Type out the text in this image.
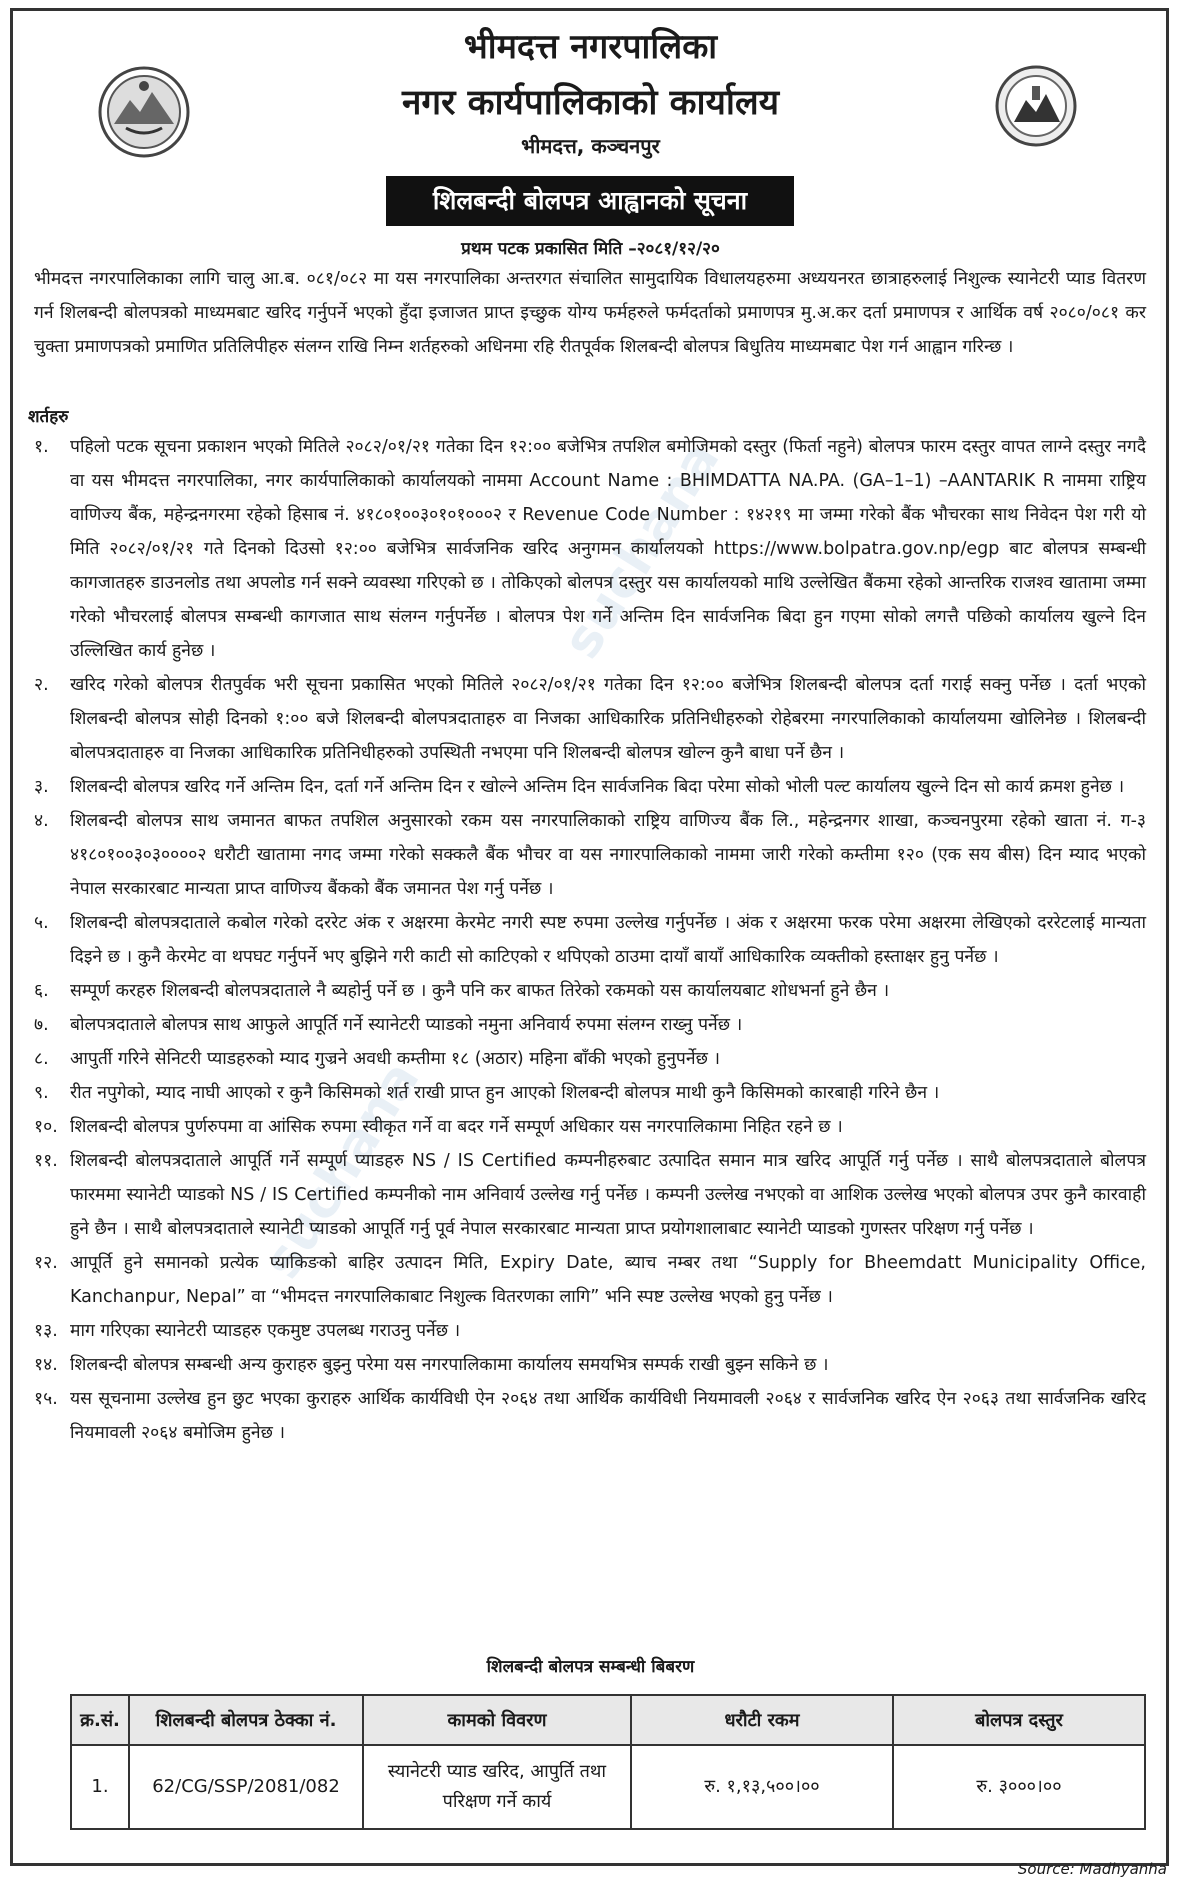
भीमदत्त नगरपालिका
नगर कार्यपालिकाको कार्यालय
भीमदत्त, कञ्चनपुर
शिलबन्दी बोलपत्र आह्वानको सूचना
प्रथम पटक प्रकासित मिति –२०८१/१२/२०
suchana
suchana
भीमदत्त नगरपालिकाका लागि चालु आ.ब. ०८१/०८२ मा यस नगरपालिका अन्तरगत संचालित सामुदायिक विधालयहरुमा अध्ययनरत छात्राहरुलाई निशुल्क स्यानेटरी प्याड वितरण गर्न शिलबन्दी बोलपत्रको माध्यमबाट खरिद गर्नुपर्ने भएको हुँदा इजाजत प्राप्त इच्छुक योग्य फर्महरुले फर्मदर्ताको प्रमाणपत्र मु.अ.कर दर्ता प्रमाणपत्र र आर्थिक वर्ष २०८०/०८१ कर चुक्ता प्रमाणपत्रको प्रमाणित प्रतिलिपीहरु संलग्न राखि निम्न शर्तहरुको अधिनमा रहि रीतपूर्वक शिलबन्दी बोलपत्र बिधुतिय माध्यमबाट पेश गर्न आह्वान गरिन्छ ।
शर्तहरु
१. पहिलो पटक सूचना प्रकाशन भएको मितिले २०८२/०१/२१ गतेका दिन १२:०० बजेभित्र तपशिल बमोजिमको दस्तुर (फिर्ता नहुने) बोलपत्र फारम दस्तुर वापत लाग्ने दस्तुर नगदै वा यस भीमदत्त नगरपालिका, नगर कार्यपालिकाको कार्यालयको नाममा Account Name : BHIMDATTA NA.PA. (GA–1–1) –AANTARIK R नाममा राष्ट्रिय वाणिज्य बैंक, महेन्द्रनगरमा रहेको हिसाब नं. ४१८०१००३०१०१०००२ र Revenue Code Number : १४२१९ मा जम्मा गरेको बैंक भौचरका साथ निवेदन पेश गरी यो मिति २०८२/०१/२१ गते दिनको दिउसो १२:०० बजेभित्र सार्वजनिक खरिद अनुगमन कार्यालयको https://www.bolpatra.gov.np/egp बाट बोलपत्र सम्बन्धी कागजातहरु डाउनलोड तथा अपलोड गर्न सक्ने व्यवस्था गरिएको छ । तोकिएको बोलपत्र दस्तुर यस कार्यालयको माथि उल्लेखित बैंकमा रहेको आन्तरिक राजश्व खातामा जम्मा गरेको भौचरलाई बोलपत्र सम्बन्धी कागजात साथ संलग्न गर्नुपर्नेछ । बोलपत्र पेश गर्ने अन्तिम दिन सार्वजनिक बिदा हुन गएमा सोको लगत्तै पछिको कार्यालय खुल्ने दिन उल्लिखित कार्य हुनेछ ।
२. खरिद गरेको बोलपत्र रीतपुर्वक भरी सूचना प्रकासित भएको मितिले २०८२/०१/२१ गतेका दिन १२:०० बजेभित्र शिलबन्दी बोलपत्र दर्ता गराई सक्नु पर्नेछ । दर्ता भएको शिलबन्दी बोलपत्र सोही दिनको १:०० बजे शिलबन्दी बोलपत्रदाताहरु वा निजका आधिकारिक प्रतिनिधीहरुको रोहेबरमा नगरपालिकाको कार्यालयमा खोलिनेछ । शिलबन्दी बोलपत्रदाताहरु वा निजका आधिकारिक प्रतिनिधीहरुको उपस्थिती नभएमा पनि शिलबन्दी बोलपत्र खोल्न कुनै बाधा पर्ने छैन ।
३. शिलबन्दी बोलपत्र खरिद गर्ने अन्तिम दिन, दर्ता गर्ने अन्तिम दिन र खोल्ने अन्तिम दिन सार्वजनिक बिदा परेमा सोको भोली पल्ट कार्यालय खुल्ने दिन सो कार्य क्रमश हुनेछ ।
४. शिलबन्दी बोलपत्र साथ जमानत बाफत तपशिल अनुसारको रकम यस नगरपालिकाको राष्ट्रिय वाणिज्य बैंक लि., महेन्द्रनगर शाखा, कञ्चनपुरमा रहेको खाता नं. ग-३ ४१८०१००३०३००००२ धरौटी खातामा नगद जम्मा गरेको सक्कलै बैंक भौचर वा यस नगारपालिकाको नाममा जारी गरेको कम्तीमा १२० (एक सय बीस) दिन म्याद भएको नेपाल सरकारबाट मान्यता प्राप्त वाणिज्य बैंकको बैंक जमानत पेश गर्नु पर्नेछ ।
५. शिलबन्दी बोलपत्रदाताले कबोल गरेको दररेट अंक र अक्षरमा केरमेट नगरी स्पष्ट रुपमा उल्लेख गर्नुपर्नेछ । अंक र अक्षरमा फरक परेमा अक्षरमा लेखिएको दररेटलाई मान्यता दिइने छ । कुनै केरमेट वा थपघट गर्नुपर्ने भए बुझिने गरी काटी सो काटिएको र थपिएको ठाउमा दायाँ बायाँ आधिकारिक व्यक्तीको हस्ताक्षर हुनु पर्नेछ ।
६. सम्पूर्ण करहरु शिलबन्दी बोलपत्रदाताले नै ब्यहोर्नु पर्ने छ । कुनै पनि कर बाफत तिरेको रकमको यस कार्यालयबाट शोधभर्ना हुने छैन ।
७. बोलपत्रदाताले बोलपत्र साथ आफुले आपूर्ति गर्ने स्यानेटरी प्याडको नमुना अनिवार्य रुपमा संलग्न राख्नु पर्नेछ ।
८. आपुर्ती गरिने सेनिटरी प्याडहरुको म्याद गुज्रने अवधी कम्तीमा १८ (अठार) महिना बाँकी भएको हुनुपर्नेछ ।
९. रीत नपुगेको, म्याद नाघी आएको र कुनै किसिमको शर्त राखी प्राप्त हुन आएको शिलबन्दी बोलपत्र माथी कुनै किसिमको कारबाही गरिने छैन ।
१०. शिलबन्दी बोलपत्र पुर्णरुपमा वा आंसिक रुपमा स्वीकृत गर्ने वा बदर गर्ने सम्पूर्ण अधिकार यस नगरपालिकामा निहित रहने छ ।
११. शिलबन्दी बोलपत्रदाताले आपूर्ति गर्ने सम्पूर्ण प्याडहरु NS / IS Certified कम्पनीहरुबाट उत्पादित समान मात्र खरिद आपूर्ति गर्नु पर्नेछ । साथै बोलपत्रदाताले बोलपत्र फारममा स्यानेटी प्याडको NS / IS Certified कम्पनीको नाम अनिवार्य उल्लेख गर्नु पर्नेछ । कम्पनी उल्लेख नभएको वा आशिक उल्लेख भएको बोलपत्र उपर कुनै कारवाही हुने छैन । साथै बोलपत्रदाताले स्यानेटी प्याडको आपूर्ति गर्नु पूर्व नेपाल सरकारबाट मान्यता प्राप्त प्रयोगशालाबाट स्यानेटी प्याडको गुणस्तर परिक्षण गर्नु पर्नेछ ।
१२. आपूर्ति हुने समानको प्रत्येक प्याकिङको बाहिर उत्पादन मिति, Expiry Date, ब्याच नम्बर तथा “Supply for Bheemdatt Municipality Office, Kanchanpur, Nepal” वा “भीमदत्त नगरपालिकाबाट निशुल्क वितरणका लागि” भनि स्पष्ट उल्लेख भएको हुनु पर्नेछ ।
१३. माग गरिएका स्यानेटरी प्याडहरु एकमुष्ट उपलब्ध गराउनु पर्नेछ ।
१४. शिलबन्दी बोलपत्र सम्बन्धी अन्य कुराहरु बुझ्नु परेमा यस नगरपालिकामा कार्यालय समयभित्र सम्पर्क राखी बुझ्न सकिने छ ।
१५. यस सूचनामा उल्लेख हुन छुट भएका कुराहरु आर्थिक कार्यविधी ऐन २०६४ तथा आर्थिक कार्यविधी नियमावली २०६४ र सार्वजनिक खरिद ऐन २०६३ तथा सार्वजनिक खरिद नियमावली २०६४ बमोजिम हुनेछ ।
शिलबन्दी बोलपत्र सम्बन्धी बिबरण
क्र.सं.	शिलबन्दी बोलपत्र ठेक्का नं.	कामको विवरण	धरौटी रकम	बोलपत्र दस्तुर
1.	62/CG/SSP/2081/082	स्यानेटरी प्याड खरिद, आपुर्ति तथा परिक्षण गर्ने कार्य	रु. १,१३,५००।००	रु. ३०००।००
Source: Madhyanha
